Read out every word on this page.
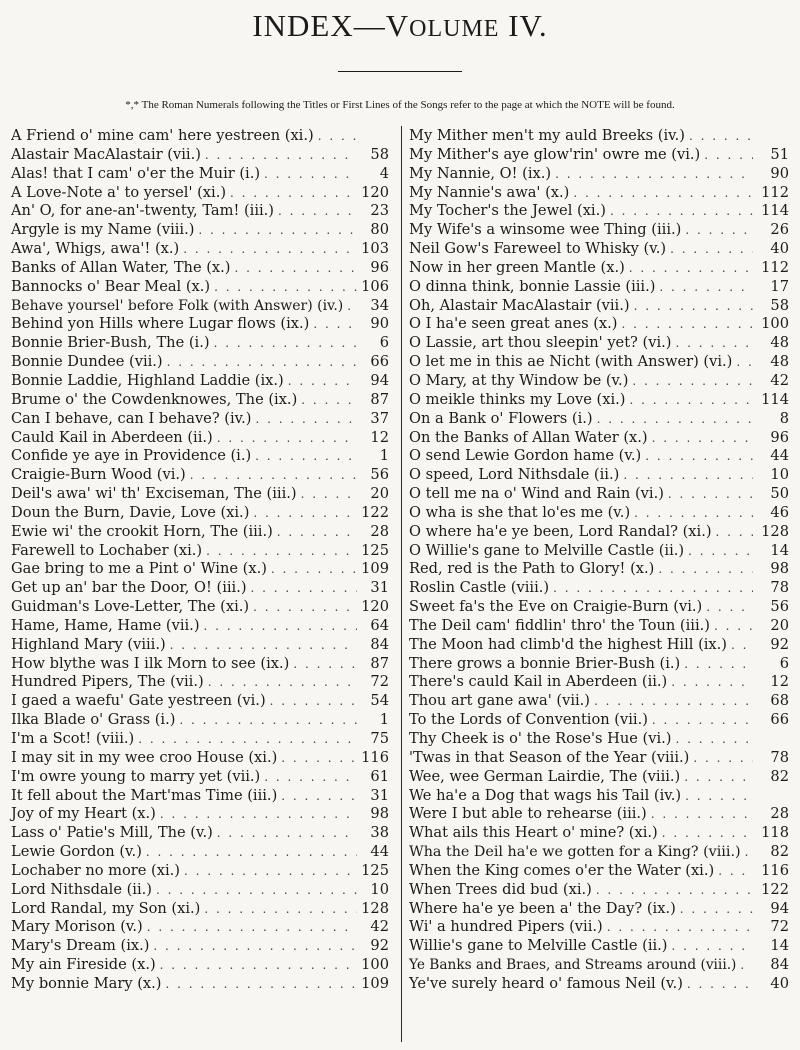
INDEX—VOLUME IV.
*,* The Roman Numerals following the Titles or First Lines of the Songs refer to the page at which the NOTE will be found.
A Friend o' mine cam' here yestreen (xi.)
. . .
Alastair MacAlastair (vii.) . . .	58
Alas! that I cam' o'er the Muir (i.) . . .	4
A Love-Note a' to yersel' (xi.) . . .	120
An' O, for ane-an'-twenty, Tam! (iii.) . . .	23
Argyle is my Name (viii.) . . .	80
Awa', Whigs, awa'! (x.) . . .	103
Banks of Allan Water, The (x.) . . .	96
Bannocks o' Bear Meal (x.) . . .	106
Behave yoursel' before Folk (with Answer) (iv.) . . .	34
Behind yon Hills where Lugar flows (ix.) . . .	90
Bonnie Brier-Bush, The (i.) . . .	6
Bonnie Dundee (vii.) . . .	66
Bonnie Laddie, Highland Laddie (ix.) . . .	94
Brume o' the Cowdenknowes, The (ix.) . . .	87
Can I behave, can I behave? (iv.) . . .	37
Cauld Kail in Aberdeen (ii.) . . .	12
Confide ye aye in Providence (i.) . . .	1
Craigie-Burn Wood (vi.) . . .	56
Deil's awa' wi' th' Exciseman, The (iii.) . . .	20
Doun the Burn, Davie, Love (xi.) . . .	122
Ewie wi' the crookit Horn, The (iii.) . . .	28
Farewell to Lochaber (xi.) . . .	125
Gae bring to me a Pint o' Wine (x.) . . .	109
Get up an' bar the Door, O! (iii.) . . .	31
Guidman's Love-Letter, The (xi.) . . .	120
Hame, Hame, Hame (vii.) . . .	64
Highland Mary (viii.) . . .	84
How blythe was I ilk Morn to see (ix.) . . .	87
Hundred Pipers, The (vii.) . . .	72
I gaed a waefu' Gate yestreen (vi.) . . .	54
Ilka Blade o' Grass (i.) . . .	1
I'm a Scot! (viii.) . . .	75
I may sit in my wee croo House (xi.) . . .	116
I'm owre young to marry yet (vii.) . . .	61
It fell about the Mart'mas Time (iii.) . . .	31
Joy of my Heart (x.) . . .	98
Lass o' Patie's Mill, The (v.) . . .	38
Lewie Gordon (v.) . . .	44
Lochaber no more (xi.) . . .	125
Lord Nithsdale (ii.) . . .	10
Lord Randal, my Son (xi.) . . .	128
Mary Morison (v.) . . .	42
Mary's Dream (ix.) . . .	92
My ain Fireside (x.) . . .	100
My bonnie Mary (x.) . . .	109
My Mither men't my auld Breeks (iv.)
. . .
My Mither's aye glow'rin' owre me (vi.) . . .	51
My Nannie, O! (ix.) . . .	90
My Nannie's awa' (x.) . . .	112
My Tocher's the Jewel (xi.) . . .	114
My Wife's a winsome wee Thing (iii.) . . .	26
Neil Gow's Fareweel to Whisky (v.) . . .	40
Now in her green Mantle (x.) . . .	112
O dinna think, bonnie Lassie (iii.) . . .	17
Oh, Alastair MacAlastair (vii.) . . .	58
O I ha'e seen great anes (x.) . . .	100
O Lassie, art thou sleepin' yet? (vi.) . . .	48
O let me in this ae Nicht (with Answer) (vi.) . . .	48
O Mary, at thy Window be (v.) . . .	42
O meikle thinks my Love (xi.) . . .	114
On a Bank o' Flowers (i.) . . .	8
On the Banks of Allan Water (x.) . . .	96
O send Lewie Gordon hame (v.) . . .	44
O speed, Lord Nithsdale (ii.) . . .	10
O tell me na o' Wind and Rain (vi.) . . .	50
O wha is she that lo'es me (v.) . . .	46
O where ha'e ye been, Lord Randal? (xi.) . . .	128
O Willie's gane to Melville Castle (ii.) . . .	14
Red, red is the Path to Glory! (x.) . . .	98
Roslin Castle (viii.) . . .	78
Sweet fa's the Eve on Craigie-Burn (vi.) . . .	56
The Deil cam' fiddlin' thro' the Toun (iii.) . . .	20
The Moon had climb'd the highest Hill (ix.) . . .	92
There grows a bonnie Brier-Bush (i.) . . .	6
There's cauld Kail in Aberdeen (ii.) . . .	12
Thou art gane awa' (vii.) . . .	68
To the Lords of Convention (vii.) . . .	66
Thy Cheek is o' the Rose's Hue (vi.)
. . .
'Twas in that Season of the Year (viii.) . . .	78
Wee, wee German Lairdie, The (viii.) . . .	82
We ha'e a Dog that wags his Tail (iv.)
. . .
Were I but able to rehearse (iii.) . . .	28
What ails this Heart o' mine? (xi.) . . .	118
Wha the Deil ha'e we gotten for a King? (viii.) . . .	82
When the King comes o'er the Water (xi.) . . .	116
When Trees did bud (xi.) . . .	122
Where ha'e ye been a' the Day? (ix.) . . .	94
Wi' a hundred Pipers (vii.) . . .	72
Willie's gane to Melville Castle (ii.) . . .	14
Ye Banks and Braes, and Streams around (viii.) . . .	84
Ye've surely heard o' famous Neil (v.) . . .	40
